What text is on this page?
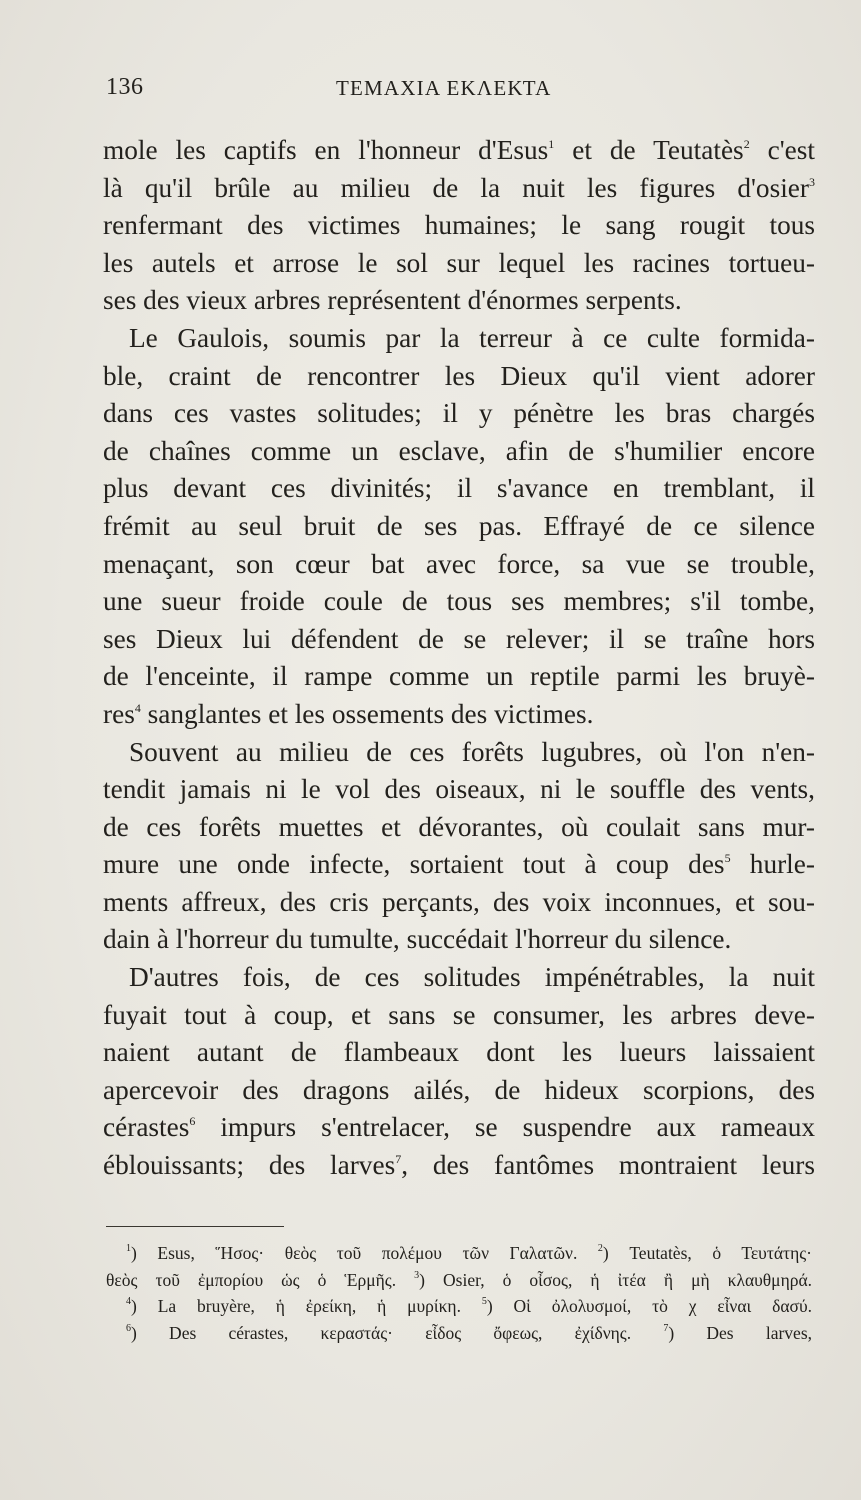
136	ΤΕΜΑΧΙΑ ΕΚΛΕΚΤΑ
mole les captifs en l'honneur d'Esus$^1$ et de Teutatès$^2$ c'est
là qu'il brûle au milieu de la nuit les figures d'osier$^3$
renfermant des victimes humaines; le sang rougit tous
les autels et arrose le sol sur lequel les racines tortueu-
ses des vieux arbres représentent d'énormes serpents.
Le Gaulois, soumis par la terreur à ce culte formida-
ble, craint de rencontrer les Dieux qu'il vient adorer
dans ces vastes solitudes; il y pénètre les bras chargés
de chaînes comme un esclave, afin de s'humilier encore
plus devant ces divinités; il s'avance en tremblant, il
frémit au seul bruit de ses pas. Effrayé de ce silence
menaçant, son cœur bat avec force, sa vue se trouble,
une sueur froide coule de tous ses membres; s'il tombe,
ses Dieux lui défendent de se relever; il se traîne hors
de l'enceinte, il rampe comme un reptile parmi les bruyè-
res$^4$ sanglantes et les ossements des victimes.
Souvent au milieu de ces forêts lugubres, où l'on n'en-
tendit jamais ni le vol des oiseaux, ni le souffle des vents,
de ces forêts muettes et dévorantes, où coulait sans mur-
mure une onde infecte, sortaient tout à coup des$^5$ hurle-
ments affreux, des cris perçants, des voix inconnues, et sou-
dain à l'horreur du tumulte, succédait l'horreur du silence.
D'autres fois, de ces solitudes impénétrables, la nuit
fuyait tout à coup, et sans se consumer, les arbres deve-
naient autant de flambeaux dont les lueurs laissaient
apercevoir des dragons ailés, de hideux scorpions, des
cérastes$^6$ impurs s'entrelacer, se suspendre aux rameaux
éblouissants; des larves$^7$, des fantômes montraient leurs
$^1$) Esus, Ἥσος· θεὸς τοῦ πολέμου τῶν Γαλατῶν. $^2$) Teutatès, ὁ Τευτάτης·
θεὸς τοῦ ἐμπορίου ὡς ὁ Ἑρμῆς. $^3$) Osier, ὁ οἶσος, ἡ ἰτέα ἢ μὴ κλαυθμηρά.
$^4$) La bruyère, ἡ ἐρείκη, ἡ μυρίκη. $^5$) Οἱ ὀλολυσμοί, τὸ χ εἶναι δασύ.
$^6$) Des cérastes, κεραστάς· εἶδος ὄφεως, ἐχίδνης. $^7$) Des larves,
